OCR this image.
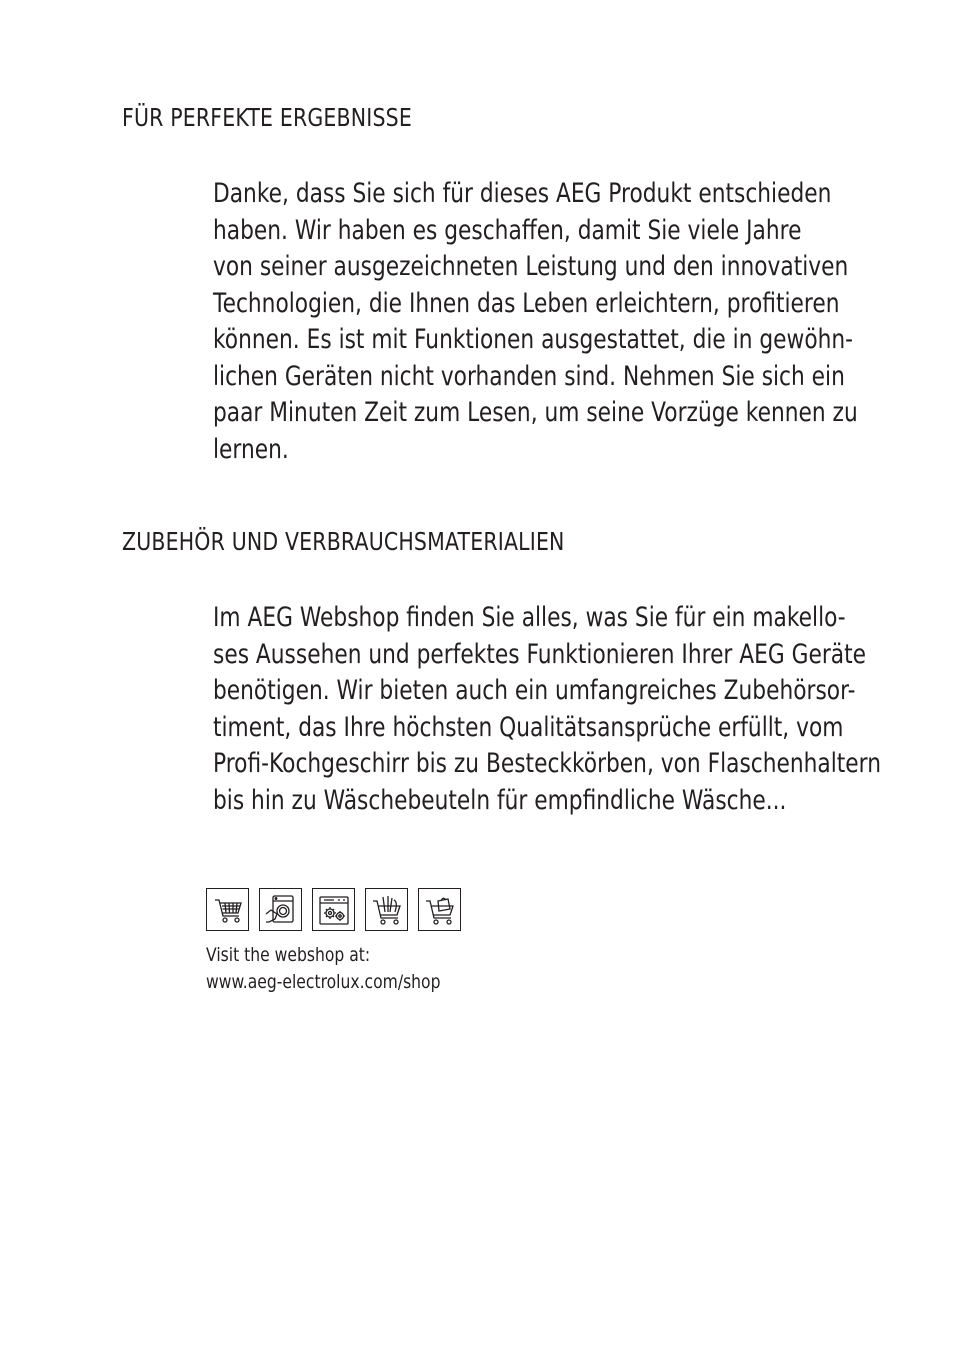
FÜR PERFEKTE ERGEBNISSE

Danke, dass Sie sich für dieses AEG Produkt entschieden
haben. Wir haben es geschaffen, damit Sie viele Jahre
von seiner ausgezeichneten Leistung und den innovativen
Technologien, die Ihnen das Leben erleichtern, profitieren
können. Es ist mit Funktionen ausgestattet, die in gewöhn-
lichen Geräten nicht vorhanden sind. Nehmen Sie sich ein
paar Minuten Zeit zum Lesen, um seine Vorzüge kennen zu
lernen.

ZUBEHÖR UND VERBRAUCHSMATERIALIEN

Im AEG Webshop finden Sie alles, was Sie für ein makello-
ses Aussehen und perfektes Funktionieren Ihrer AEG Geräte
benötigen. Wir bieten auch ein umfangreiches Zubehörsor-
timent, das Ihre höchsten Qualitätsansprüche erfüllt, vom
Profi-Kochgeschirr bis zu Besteckkörben, von Flaschenhaltern
bis hin zu Wäschebeuteln für empfindliche Wäsche...

Visit the webshop at:
www.aeg-electrolux.com/shop
